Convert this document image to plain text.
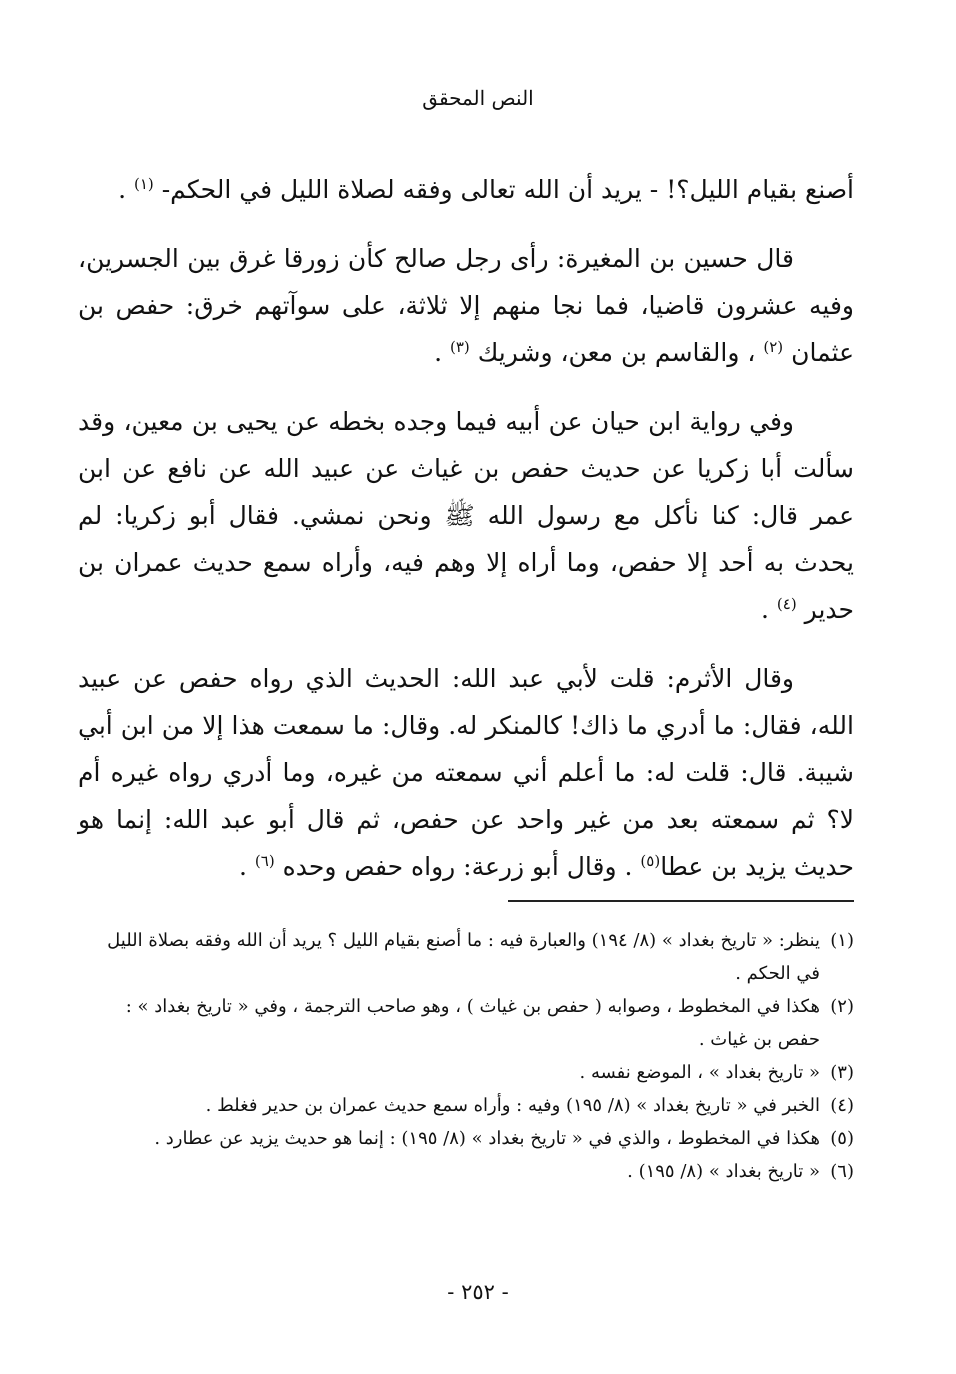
النص المحقق

أصنع بقيام الليل؟! - يريد أن الله تعالى وفقه لصلاة الليل في الحكم- $^{(١)}$ .

قال حسين بن المغيرة: رأى رجل صالح كأن زورقا غرق بين الجسرين، وفيه عشرون قاضيا، فما نجا منهم إلا ثلاثة، على سوآتهم خرق: حفص بن عثمان $^{(٢)}$ ، والقاسم بن معن، وشريك $^{(٣)}$ .

وفي رواية ابن حيان عن أبيه فيما وجده بخطه عن يحيى بن معين، وقد سألت أبا زكريا عن حديث حفص بن غياث عن عبيد الله عن نافع عن ابن عمر قال: كنا نأكل مع رسول الله ﷺ ونحن نمشي. فقال أبو زكريا: لم يحدث به أحد إلا حفص، وما أراه إلا وهم فيه، وأراه سمع حديث عمران بن حدير $^{(٤)}$ .

وقال الأثرم: قلت لأبي عبد الله: الحديث الذي رواه حفص عن عبيد الله، فقال: ما أدري ما ذاك! كالمنكر له. وقال: ما سمعت هذا إلا من ابن أبي شيبة. قال: قلت له: ما أعلم أني سمعته من غيره، وما أدري رواه غيره أم لا؟ ثم سمعته بعد من غير واحد عن حفص، ثم قال أبو عبد الله: إنما هو حديث يزيد بن عطا$^{(٥)}$ . وقال أبو زرعة: رواه حفص وحده $^{(٦)}$ .

(١)ينظر: « تاريخ بغداد » (٨/ ١٩٤) والعبارة فيه : ما أصنع بقيام الليل ؟ يريد أن الله وفقه بصلاة الليل في الحكم .

(٢)هكذا في المخطوط ، وصوابه ( حفص بن غياث ) ، وهو صاحب الترجمة ، وفي « تاريخ بغداد » : حفص بن غياث .

(٣)« تاريخ بغداد » ، الموضع نفسه .

(٤)الخبر في « تاريخ بغداد » (٨/ ١٩٥) وفيه : وأراه سمع حديث عمران بن حدير فغلط .

(٥)هكذا في المخطوط ، والذي في « تاريخ بغداد » (٨/ ١٩٥) : إنما هو حديث يزيد عن عطارد .

(٦)« تاريخ بغداد » (٨/ ١٩٥) .

- ٢٥٢ -
